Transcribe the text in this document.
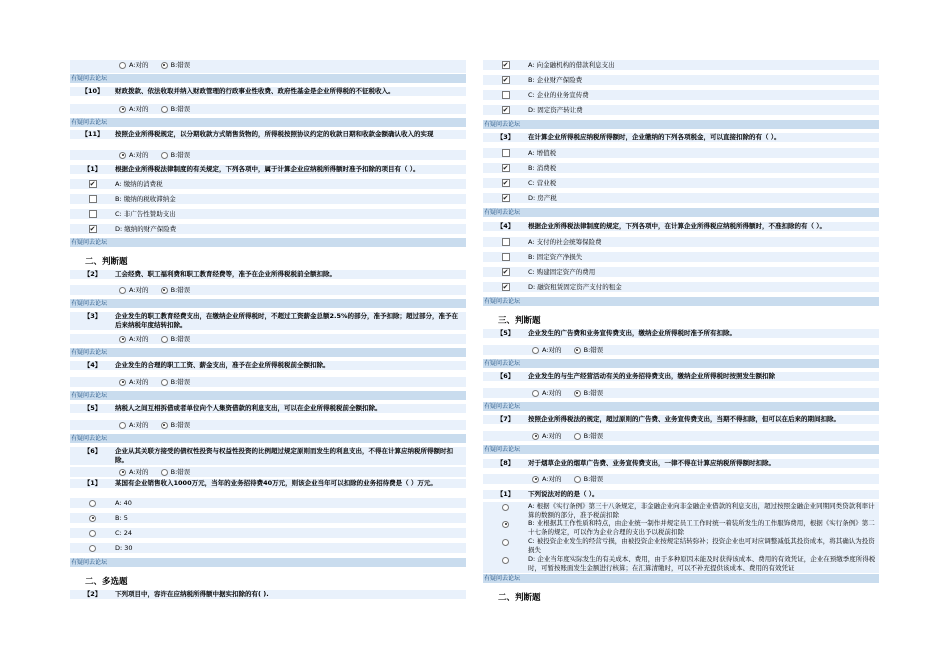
A:对的	B:错误
有疑问去论坛
【10】	财政拨款、依法收取并纳入财政管理的行政事业性收费、政府性基金是企业所得税的不征税收入。
A:对的	B:错误
有疑问去论坛
【11】	按照企业所得税规定，以分期收款方式销售货物的，所得税按照协议约定的收款日期和收款金额确认收入的实现
A:对的	B:错误
【1】	根据企业所得税法律制度的有关规定，下列各项中，属于计算企业应纳税所得额时准予扣除的项目有（ ）。
✔	A: 缴纳的消费税
B: 缴纳的税收滞纳金
C: 非广告性赞助支出
✔	D: 缴纳的财产保险费
有疑问去论坛
二、判断题
【2】	工会经费、职工福利费和职工教育经费等，准予在企业所得税税前全额扣除。
A:对的	B:错误
有疑问去论坛
【3】	企业发生的职工教育经费支出，在缴纳企业所得税时，不超过工资薪金总额2.5%的部分，准予扣除；超过部分，准予在后来纳税年度结转扣除。
A:对的	B:错误
有疑问去论坛
【4】	企业发生的合理的职工工资、薪金支出，准予在企业所得税税前全额扣除。
A:对的	B:错误
有疑问去论坛
【5】	纳税人之间互相拆借或者单位向个人集资借款的利息支出，可以在企业所得税税前全额扣除。
A:对的	B:错误
有疑问去论坛
【6】	企业从其关联方接受的债权性投资与权益性投资的比例超过规定原则而发生的利息支出，不得在计算应纳税所得额时扣除。
A:对的	B:错误
【1】	某国有企业销售收入1000万元，当年的业务招待费40万元，则该企业当年可以扣除的业务招待费是（ ）万元。
A: 40
B: 5
C: 24
D: 30
有疑问去论坛
二、多选题
【2】	下列项目中，容许在应纳税所得额中据实扣除的有( ).
✔	A: 向金融机构的借款利息支出
✔	B: 企业财产保险费
C: 企业的业务宣传费
✔	D: 固定资产转让费
有疑问去论坛
【3】	在计算企业所得税应纳税所得额时，企业缴纳的下列各项税金，可以直接扣除的有（ ）。
A: 增值税
✔	B: 消费税
✔	C: 营业税
✔	D: 房产税
有疑问去论坛
【4】	根据企业所得税法律制度的规定，下列各项中，在计算企业所得税应纳税所得额时，不准扣除的有（ ）。
A: 支付的社会统筹保险费
B: 固定资产净损失
✔	C: 购建固定资产的费用
✔	D: 融资租赁固定资产支付的租金
有疑问去论坛
三、判断题
【5】	企业发生的广告费和业务宣传费支出，缴纳企业所得税时准予所有扣除。
A:对的	B:错误
有疑问去论坛
【6】	企业发生的与生产经营活动有关的业务招待费支出，缴纳企业所得税时按照发生额扣除
A:对的	B:错误
有疑问去论坛
【7】	按照企业所得税法的规定，超过原则的广告费、业务宣传费支出，当期不得扣除，但可以在后来的期间扣除。
A:对的	B:错误
有疑问去论坛
【8】	对于烟草企业的烟草广告费、业务宣传费支出，一律不得在计算应纳税所得额时扣除。
A:对的	B:错误
【1】	下列说法对的的是（ ）。
A: 根据《实行条例》第三十八条规定，非金融企业向非金融企业借款的利息支出，超过按照金融企业同期同类贷款利率计算的数额的部分，准予税前扣除
B: 业根据其工作性质和特点，由企业统一制作并规定员工工作时统一着装所发生的工作服饰费用，根据《实行条例》第二十七条的规定，可以作为企业合理的支出予以税前扣除
C: 被投资企业发生的经营亏损，由被投资企业按规定结转弥补；投资企业也可对应调整减低其投资成本，将其确认为投资损失
D: 企业当年度实际发生的有关成本、费用，由于多种原因未能及时获得该成本、费用的有效凭证，企业在预缴季度所得税时，可暂按账面发生金额进行核算；在汇算清缴时，可以不补充提供该成本、费用的有效凭证
有疑问去论坛
二、判断题
